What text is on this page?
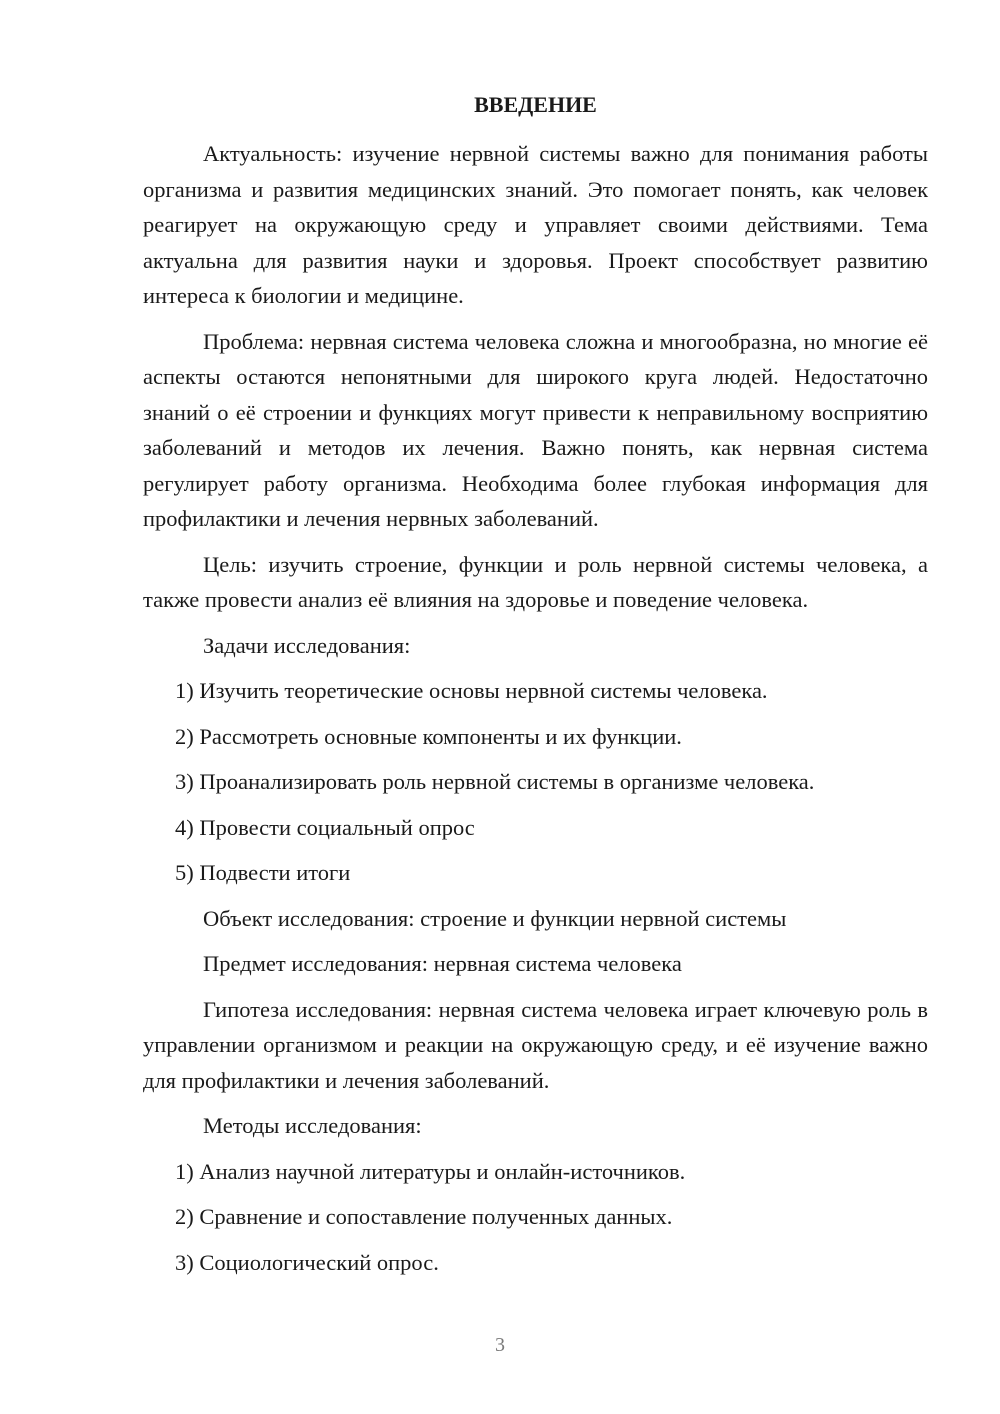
ВВЕДЕНИЕ

Актуальность: изучение нервной системы важно для понимания работы организма и развития медицинских знаний. Это помогает понять, как человек реагирует на окружающую среду и управляет своими действиями. Тема актуальна для развития науки и здоровья. Проект способствует развитию интереса к биологии и медицине.

Проблема: нервная система человека сложна и многообразна, но многие её аспекты остаются непонятными для широкого круга людей. Недостаточно знаний о её строении и функциях могут привести к неправильному восприятию заболеваний и методов их лечения. Важно понять, как нервная система регулирует работу организма. Необходима более глубокая информация для профилактики и лечения нервных заболеваний.

Цель: изучить строение, функции и роль нервной системы человека, а также провести анализ её влияния на здоровье и поведение человека.

Задачи исследования:

1) Изучить теоретические основы нервной системы человека.

2) Рассмотреть основные компоненты и их функции.

3) Проанализировать роль нервной системы в организме человека.

4) Провести социальный опрос

5) Подвести итоги

Объект исследования: строение и функции нервной системы

Предмет исследования: нервная система человека

Гипотеза исследования: нервная система человека играет ключевую роль в управлении организмом и реакции на окружающую среду, и её изучение важно для профилактики и лечения заболеваний.

Методы исследования:

1) Анализ научной литературы и онлайн-источников.

2) Сравнение и сопоставление полученных данных.

3) Социологический опрос.

3
